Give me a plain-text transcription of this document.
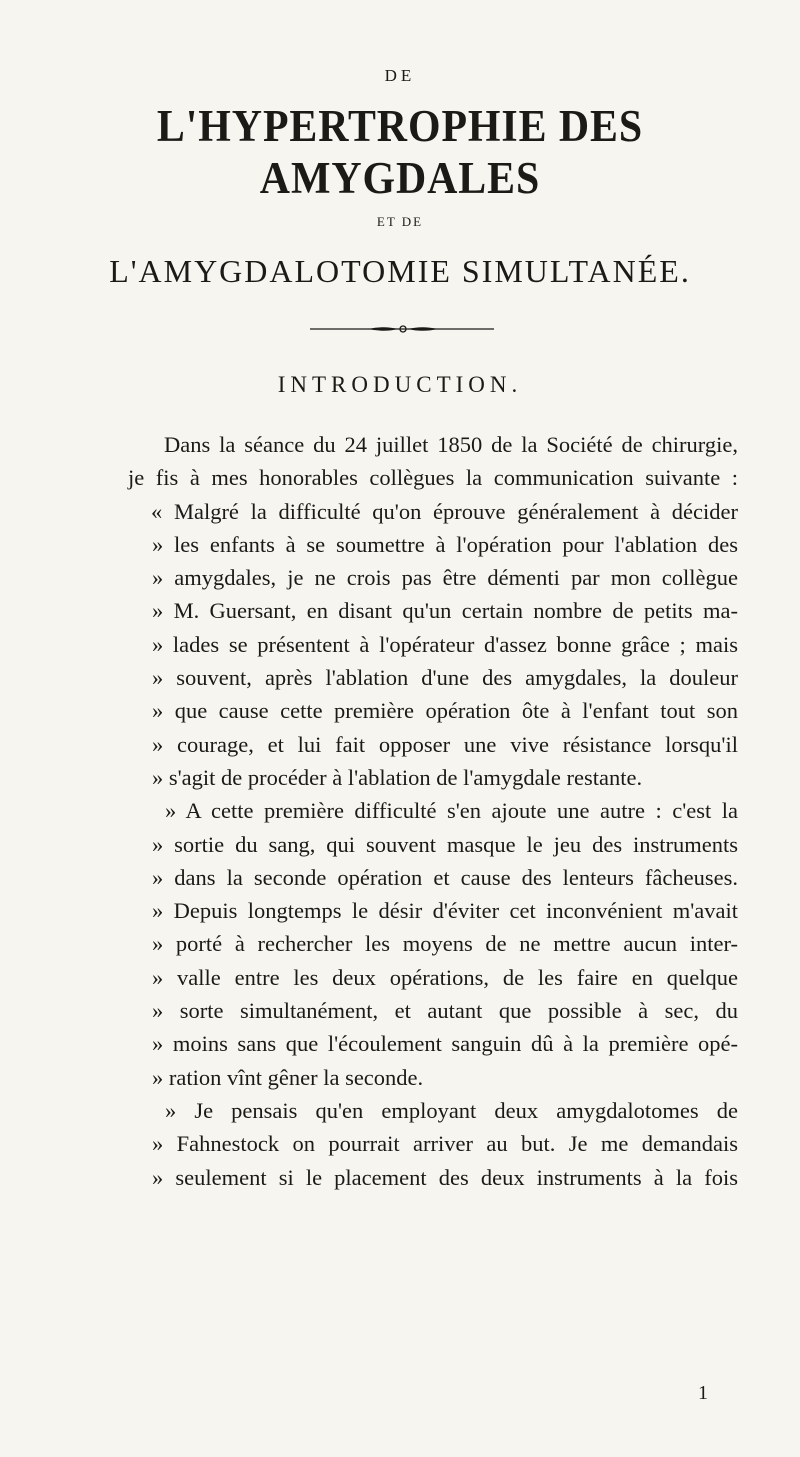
DE
L'HYPERTROPHIE DES AMYGDALES
ET DE
L'AMYGDALOTOMIE SIMULTANÉE.
INTRODUCTION.
Dans la séance du 24 juillet 1850 de la Société de chirurgie,
je fis à mes honorables collègues la communication suivante :
« Malgré la difficulté qu'on éprouve généralement à décider
» les enfants à se soumettre à l'opération pour l'ablation des
» amygdales, je ne crois pas être démenti par mon collègue
» M. Guersant, en disant qu'un certain nombre de petits ma-
» lades se présentent à l'opérateur d'assez bonne grâce ; mais
» souvent, après l'ablation d'une des amygdales, la douleur
» que cause cette première opération ôte à l'enfant tout son
» courage, et lui fait opposer une vive résistance lorsqu'il
» s'agit de procéder à l'ablation de l'amygdale restante.
» A cette première difficulté s'en ajoute une autre : c'est la
» sortie du sang, qui souvent masque le jeu des instruments
» dans la seconde opération et cause des lenteurs fâcheuses.
» Depuis longtemps le désir d'éviter cet inconvénient m'avait
» porté à rechercher les moyens de ne mettre aucun inter-
» valle entre les deux opérations, de les faire en quelque
» sorte simultanément, et autant que possible à sec, du
» moins sans que l'écoulement sanguin dû à la première opé-
» ration vînt gêner la seconde.
» Je pensais qu'en employant deux amygdalotomes de
» Fahnestock on pourrait arriver au but. Je me demandais
» seulement si le placement des deux instruments à la fois
1
